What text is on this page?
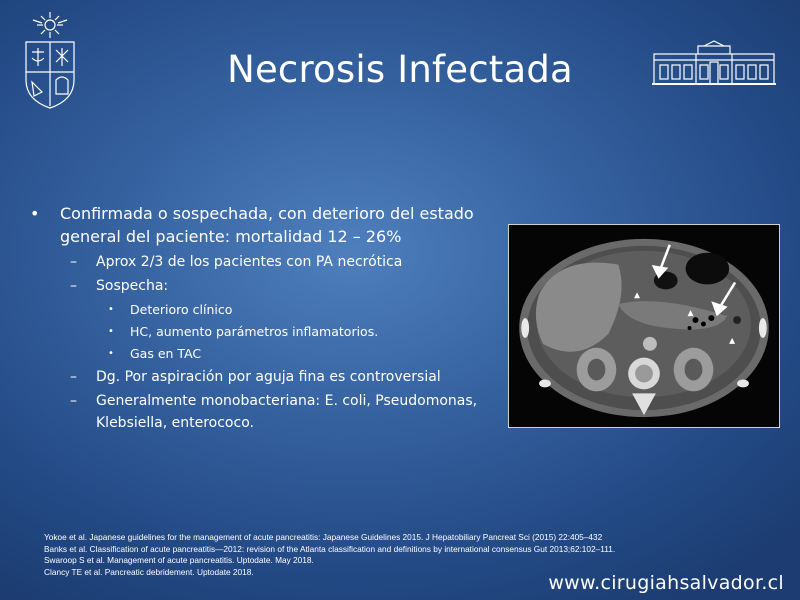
Necrosis Infectada
• Confirmada o sospechada, con deterioro del estado general del paciente: mortalidad 12 – 26%
– Aprox 2/3 de los pacientes con PA necrótica
– Sospecha:
• Deterioro clínico
• HC, aumento parámetros inflamatorios.
• Gas en TAC
– Dg. Por aspiración por aguja fina es controversial
– Generalmente monobacteriana: E. coli, Pseudomonas, Klebsiella, enterococo.
Yokoe et al. Japanese guidelines for the management of acute pancreatitis: Japanese Guidelines 2015. J Hepatobiliary Pancreat Sci (2015) 22:405–432
Banks et al. Classification of acute pancreatitis—2012: revision of the Atlanta classification and definitions by international consensus Gut 2013;62:102–111.
Swaroop S et al. Management of acute pancreatitis. Uptodate. May 2018.
Clancy TE et al. Pancreatic debridement. Uptodate 2018.
www.cirugiahsalvador.cl
